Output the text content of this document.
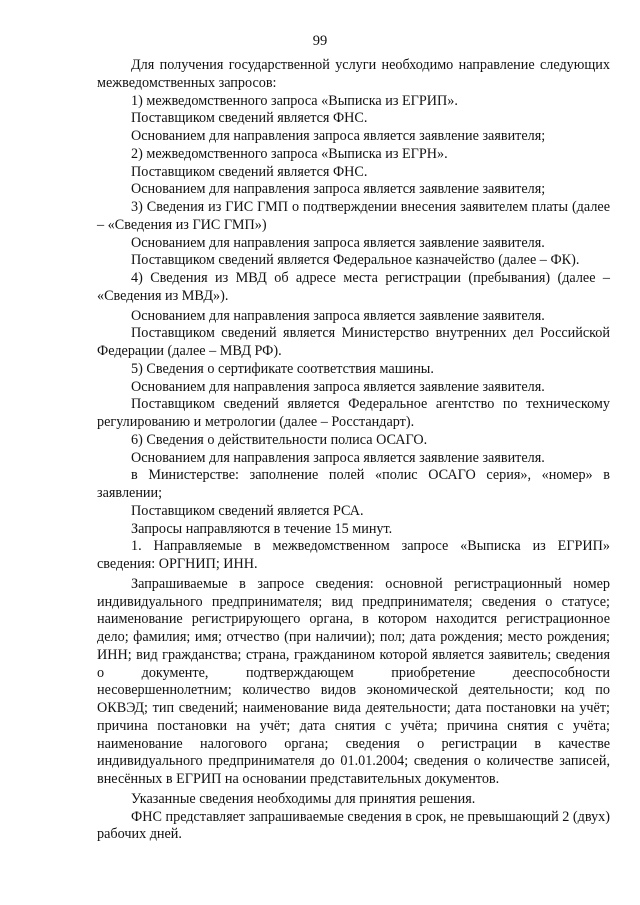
99

Для получения государственной услуги необходимо направление следующих межведомственных запросов:

1) межведомственного запроса «Выписка из ЕГРИП».

Поставщиком сведений является ФНС.

Основанием для направления запроса является заявление заявителя;

2) межведомственного запроса «Выписка из ЕГРН».

Поставщиком сведений является ФНС.

Основанием для направления запроса является заявление заявителя;

3) Сведения из ГИС ГМП о подтверждении внесения заявителем платы (далее – «Сведения из ГИС ГМП»)

Основанием для направления запроса является заявление заявителя.

Поставщиком сведений является Федеральное казначейство (далее – ФК).

4) Сведения из МВД об адресе места регистрации (пребывания) (далее – «Сведения из МВД»).

Основанием для направления запроса является заявление заявителя.

Поставщиком сведений является Министерство внутренних дел Российской Федерации (далее – МВД РФ).

5) Сведения о сертификате соответствия машины.

Основанием для направления запроса является заявление заявителя.

Поставщиком сведений является Федеральное агентство по техническому регулированию и метрологии (далее – Росстандарт).

6) Сведения о действительности полиса ОСАГО.

Основанием для направления запроса является заявление заявителя.

в Министерстве: заполнение полей «полис ОСАГО серия», «номер» в заявлении;

Поставщиком сведений является РСА.

Запросы направляются в течение 15 минут.

1. Направляемые в межведомственном запросе «Выписка из ЕГРИП» сведения: ОРГНИП; ИНН.

Запрашиваемые в запросе сведения: основной регистрационный номер индивидуального предпринимателя; вид предпринимателя; сведения о статусе; наименование регистрирующего органа, в котором находится регистрационное дело; фамилия; имя; отчество (при наличии); пол; дата рождения; место рождения; ИНН; вид гражданства; страна, гражданином которой является заявитель; сведения о документе, подтверждающем приобретение дееспособности несовершеннолетним; количество видов экономической деятельности; код по ОКВЭД; тип сведений; наименование вида деятельности; дата постановки на учёт; причина постановки на учёт; дата снятия с учёта; причина снятия с учёта; наименование налогового органа; сведения о регистрации в качестве индивидуального предпринимателя до 01.01.2004; сведения о количестве записей, внесённых в ЕГРИП на основании представительных документов.

Указанные сведения необходимы для принятия решения.

ФНС представляет запрашиваемые сведения в срок, не превышающий 2 (двух) рабочих дней.
